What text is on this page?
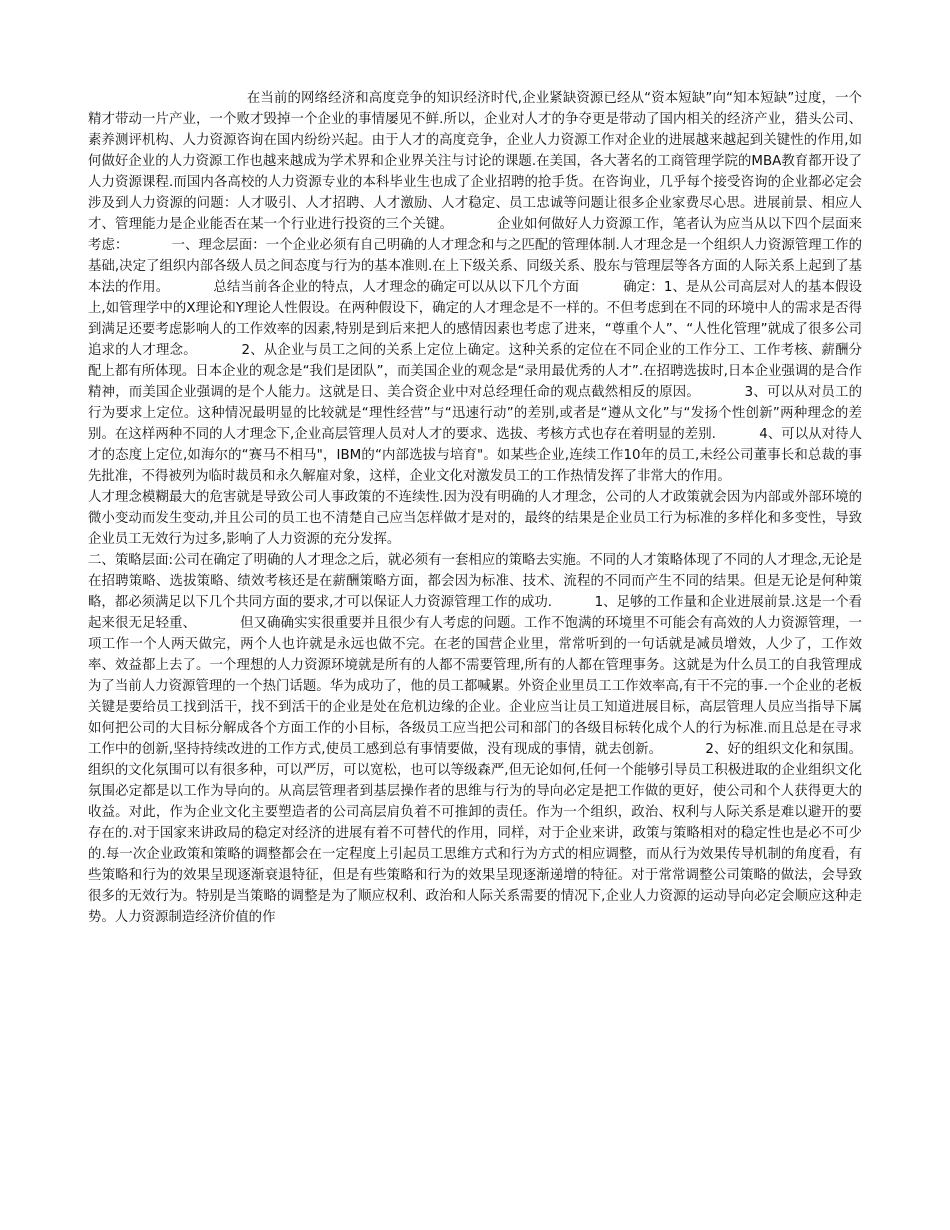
在当前的网络经济和高度竞争的知识经济时代,企业紧缺资源已经从“资本短缺”向“知本短缺”过度，一个精才带动一片产业，一个败才毁掉一个企业的事情屡见不鲜.所以，企业对人才的争夺更是带动了国内相关的经济产业，猎头公司、素养测评机构、人力资源咨询在国内纷纷兴起。由于人才的高度竞争，企业人力资源工作对企业的进展越来越起到关键性的作用,如何做好企业的人力资源工作也越来越成为学术界和企业界关注与讨论的课题.在美国，各大著名的工商管理学院的MBA教育都开设了人力资源课程.而国内各高校的人力资源专业的本科毕业生也成了企业招聘的抢手货。在咨询业，几乎每个接受咨询的企业都必定会涉及到人力资源的问题：人才吸引、人才招聘、人才激励、人才稳定、员工忠诚等问题让很多企业家费尽心思。进展前景、相应人才、管理能力是企业能否在某一个行业进行投资的三个关键。          企业如何做好人力资源工作，笔者认为应当从以下四个层面来考虑：          一、理念层面：一个企业必须有自己明确的人才理念和与之匹配的管理体制.人才理念是一个组织人力资源管理工作的基础,决定了组织内部各级人员之间态度与行为的基本准则.在上下级关系、同级关系、股东与管理层等各方面的人际关系上起到了基本法的作用。          总结当前各企业的特点，人才理念的确定可以从以下几个方面          确定：1、是从公司高层对人的基本假设上,如管理学中的X理论和Y理论人性假设。在两种假设下，确定的人才理念是不一样的。不但考虑到在不同的环境中人的需求是否得到满足还要考虑影响人的工作效率的因素,特别是到后来把人的感情因素也考虑了进来，“尊重个人”、“人性化管理”就成了很多公司追求的人才理念。          2、从企业与员工之间的关系上定位上确定。这种关系的定位在不同企业的工作分工、工作考核、薪酬分配上都有所体现。日本企业的观念是“我们是团队”，而美国企业的观念是“录用最优秀的人才”.在招聘选拔时,日本企业强调的是合作精神，而美国企业强调的是个人能力。这就是日、美合资企业中对总经理任命的观点截然相反的原因。          3、可以从对员工的行为要求上定位。这种情况最明显的比较就是“理性经营”与“迅速行动”的差别,或者是“遵从文化”与“发扬个性创新”两种理念的差别。在这样两种不同的人才理念下,企业高层管理人员对人才的要求、选拔、考核方式也存在着明显的差别.          4、可以从对待人才的态度上定位,如海尔的“赛马不相马"，IBM的“内部选拔与培育"。如某些企业,连续工作10年的员工,未经公司董事长和总裁的事先批准，不得被列为临时裁员和永久解雇对象，这样，企业文化对激发员工的工作热情发挥了非常大的作用。

人才理念模糊最大的危害就是导致公司人事政策的不连续性.因为没有明确的人才理念，公司的人才政策就会因为内部或外部环境的微小变动而发生变动,并且公司的员工也不清楚自己应当怎样做才是对的，最终的结果是企业员工行为标准的多样化和多变性，导致企业员工无效行为过多,影响了人力资源的充分发挥。

二、策略层面:公司在确定了明确的人才理念之后，就必须有一套相应的策略去实施。不同的人才策略体现了不同的人才理念,无论是在招聘策略、选拔策略、绩效考核还是在薪酬策略方面，都会因为标准、技术、流程的不同而产生不同的结果。但是无论是何种策略，都必须满足以下几个共同方面的要求,才可以保证人力资源管理工作的成功.          1、足够的工作量和企业进展前景.这是一个看起来很无足轻重、          但又确确实实很重要并且很少有人考虑的问题。工作不饱满的环境里不可能会有高效的人力资源管理，一项工作一个人两天做完，两个人也许就是永远也做不完。在老的国营企业里，常常听到的一句话就是减员增效，人少了，工作效率、效益都上去了。一个理想的人力资源环境就是所有的人都不需要管理,所有的人都在管理事务。这就是为什么员工的自我管理成为了当前人力资源管理的一个热门话题。华为成功了，他的员工都喊累。外资企业里员工工作效率高,有干不完的事.一个企业的老板关键是要给员工找到活干，找不到活干的企业是处在危机边缘的企业。企业应当让员工知道进展目标，高层管理人员应当指导下属如何把公司的大目标分解成各个方面工作的小目标，各级员工应当把公司和部门的各级目标转化成个人的行为标准.而且总是在寻求工作中的创新,坚持持续改进的工作方式,使员工感到总有事情要做，没有现成的事情，就去创新。          2、好的组织文化和氛围。组织的文化氛围可以有很多种，可以严厉，可以宽松，也可以等级森严,但无论如何,任何一个能够引导员工积极进取的企业组织文化氛围必定都是以工作为导向的。从高层管理者到基层操作者的思维与行为的导向必定是把工作做的更好，使公司和个人获得更大的收益。对此，作为企业文化主要塑造者的公司高层肩负着不可推卸的责任。作为一个组织，政治、权利与人际关系是难以避开的要存在的.对于国家来讲政局的稳定对经济的进展有着不可替代的作用，同样，对于企业来讲，政策与策略相对的稳定性也是必不可少的.每一次企业政策和策略的调整都会在一定程度上引起员工思维方式和行为方式的相应调整，而从行为效果传导机制的角度看，有些策略和行为的效果呈现逐渐衰退特征，但是有些策略和行为的效果呈现逐渐递增的特征。对于常常调整公司策略的做法，会导致很多的无效行为。特别是当策略的调整是为了顺应权利、政治和人际关系需要的情况下,企业人力资源的运动导向必定会顺应这种走势。人力资源制造经济价值的作
